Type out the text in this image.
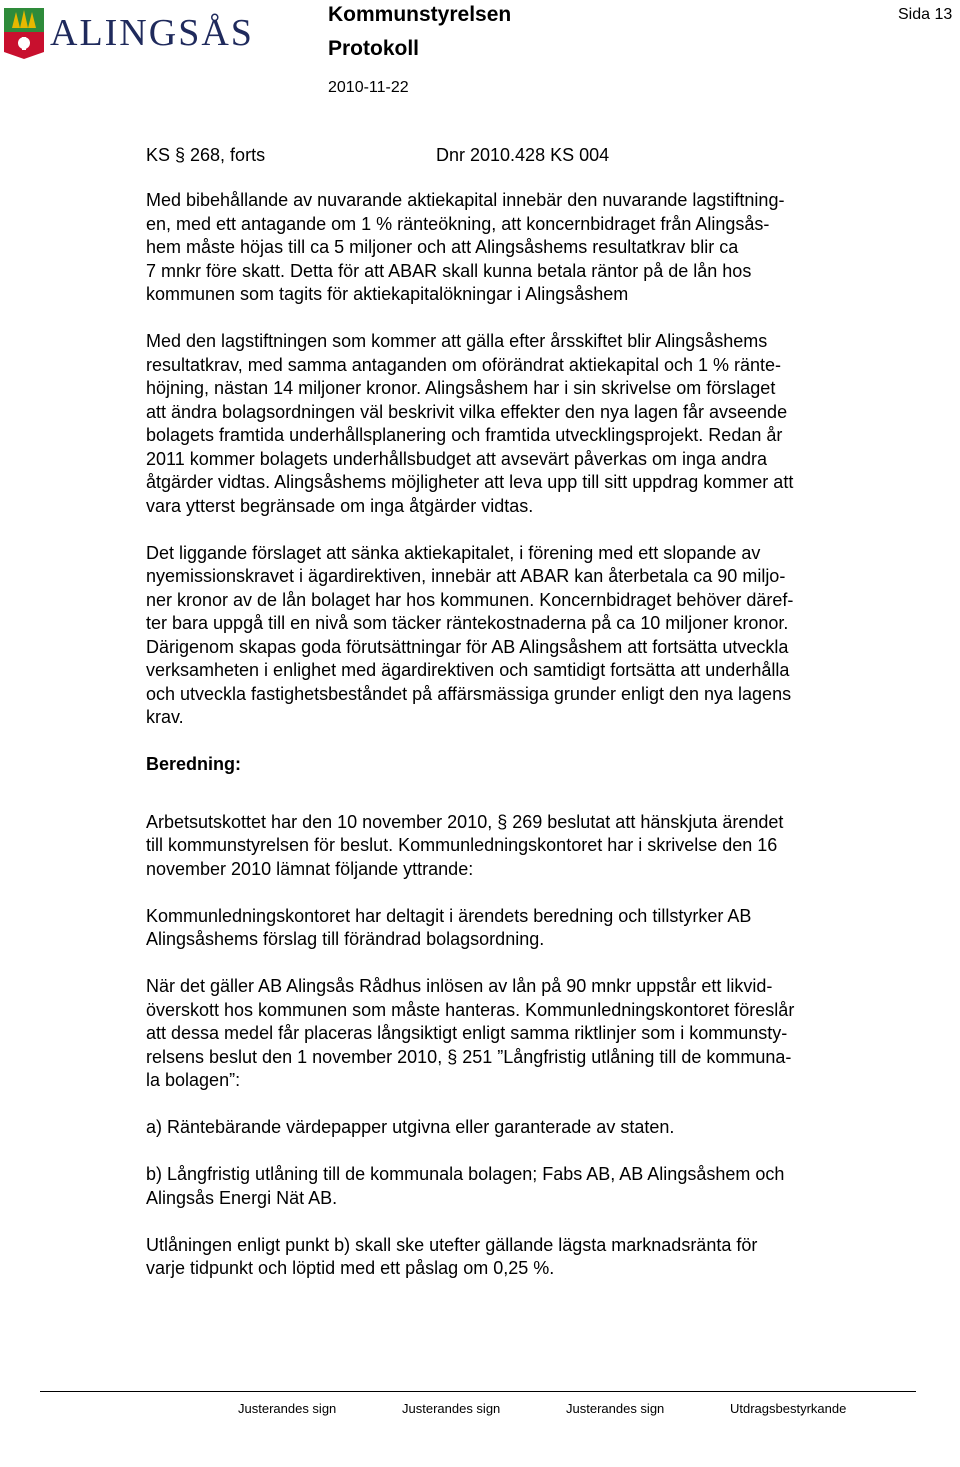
ALINGSÅS	Kommunstyrelsen
Protokoll
2010-11-22
Sida 13
KS § 268, forts	Dnr 2010.428 KS 004

Med bibehållande av nuvarande aktiekapital innebär den nuvarande lagstiftning-
en, med ett antagande om 1 % ränteökning, att koncernbidraget från Alingsås-
hem måste höjas till ca 5 miljoner och att Alingsåshems resultatkrav blir ca
7 mnkr före skatt. Detta för att ABAR skall kunna betala räntor på de lån hos
kommunen som tagits för aktiekapitalökningar i Alingsåshem

Med den lagstiftningen som kommer att gälla efter årsskiftet blir Alingsåshems
resultatkrav, med samma antaganden om oförändrat aktiekapital och 1 % ränte-
höjning, nästan 14 miljoner kronor. Alingsåshem har i sin skrivelse om förslaget
att ändra bolagsordningen väl beskrivit vilka effekter den nya lagen får avseende
bolagets framtida underhållsplanering och framtida utvecklingsprojekt. Redan år
2011 kommer bolagets underhållsbudget att avsevärt påverkas om inga andra
åtgärder vidtas. Alingsåshems möjligheter att leva upp till sitt uppdrag kommer att
vara ytterst begränsade om inga åtgärder vidtas.

Det liggande förslaget att sänka aktiekapitalet, i förening med ett slopande av
nyemissionskravet i ägardirektiven, innebär att ABAR kan återbetala ca 90 miljo-
ner kronor av de lån bolaget har hos kommunen. Koncernbidraget behöver däref-
ter bara uppgå till en nivå som täcker räntekostnaderna på ca 10 miljoner kronor.
Därigenom skapas goda förutsättningar för AB Alingsåshem att fortsätta utveckla
verksamheten i enlighet med ägardirektiven och samtidigt fortsätta att underhålla
och utveckla fastighetsbeståndet på affärsmässiga grunder enligt den nya lagens
krav.

Beredning:

Arbetsutskottet har den 10 november 2010, § 269 beslutat att hänskjuta ärendet
till kommunstyrelsen för beslut. Kommunledningskontoret har i skrivelse den 16
november 2010 lämnat följande yttrande:

Kommunledningskontoret har deltagit i ärendets beredning och tillstyrker AB
Alingsåshems förslag till förändrad bolagsordning.

När det gäller AB Alingsås Rådhus inlösen av lån på 90 mnkr uppstår ett likvid-
överskott hos kommunen som måste hanteras. Kommunledningskontoret föreslår
att dessa medel får placeras långsiktigt enligt samma riktlinjer som i kommunsty-
relsens beslut den 1 november 2010, § 251 ”Långfristig utlåning till de kommuna-
la bolagen”:

a) Räntebärande värdepapper utgivna eller garanterade av staten.

b) Långfristig utlåning till de kommunala bolagen; Fabs AB, AB Alingsåshem och
Alingsås Energi Nät AB.

Utlåningen enligt punkt b) skall ske utefter gällande lägsta marknadsränta för
varje tidpunkt och löptid med ett påslag om 0,25 %.

Justerandes sign	Justerandes sign	Justerandes sign	Utdragsbestyrkande
